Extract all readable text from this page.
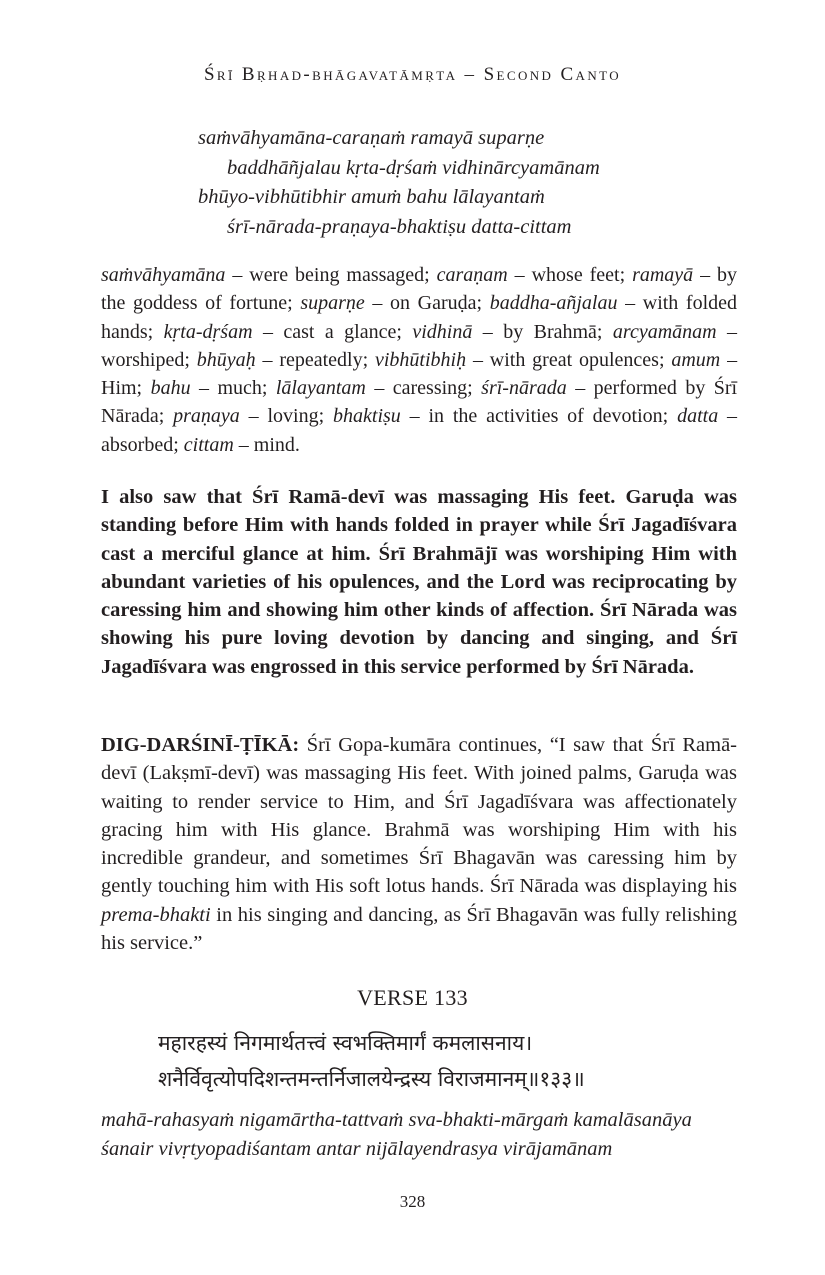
Śrī Bṛhad-bhāgavatāmṛta – Second Canto
saṁvāhyamāna-caraṇaṁ ramayā suparṇe
baddhāñjalau kṛta-dṛśaṁ vidhinārcyamānam
bhūyo-vibhūtibhir amuṁ bahu lālayantaṁ
śrī-nārada-praṇaya-bhaktiṣu datta-cittam
saṁvāhyamāna – were being massaged; caraṇam – whose feet; ramayā – by the goddess of fortune; suparṇe – on Garuḍa; baddha-añjalau – with folded hands; kṛta-dṛśam – cast a glance; vidhinā – by Brahmā; arcyamānam – worshiped; bhūyaḥ – repeatedly; vibhūtibhiḥ – with great opulences; amum – Him; bahu – much; lālayantam – caressing; śrī-nārada – performed by Śrī Nārada; praṇaya – loving; bhaktiṣu – in the activities of devotion; datta – absorbed; cittam – mind.
I also saw that Śrī Ramā-devī was massaging His feet. Garuḍa was standing before Him with hands folded in prayer while Śrī Jagadīśvara cast a merciful glance at him. Śrī Brahmājī was worshiping Him with abundant varieties of his opulences, and the Lord was reciprocating by caressing him and showing him other kinds of affection. Śrī Nārada was showing his pure loving devotion by dancing and singing, and Śrī Jagadīśvara was engrossed in this service performed by Śrī Nārada.
DIG-DARŚINĪ-ṬĪKĀ: Śrī Gopa-kumāra continues, “I saw that Śrī Ramā-devī (Lakṣmī-devī) was massaging His feet. With joined palms, Garuḍa was waiting to render service to Him, and Śrī Jagadīśvara was affectionately gracing him with His glance. Brahmā was worshiping Him with his incredible grandeur, and sometimes Śrī Bhagavān was caressing him by gently touching him with His soft lotus hands. Śrī Nārada was displaying his prema-bhakti in his singing and dancing, as Śrī Bhagavān was fully relishing his service.”
VERSE 133
महारहस्यं निगमार्थतत्त्वं स्वभक्तिमार्गं कमलासनाय।
शनैर्विवृत्योपदिशन्तमन्तर्निजालयेन्द्रस्य विराजमानम्॥१३३॥
mahā-rahasyaṁ nigamārtha-tattvaṁ sva-bhakti-mārgaṁ kamalāsanāya
śanair vivṛtyopadiśantam antar nijālayendrasya virājamānam
328
